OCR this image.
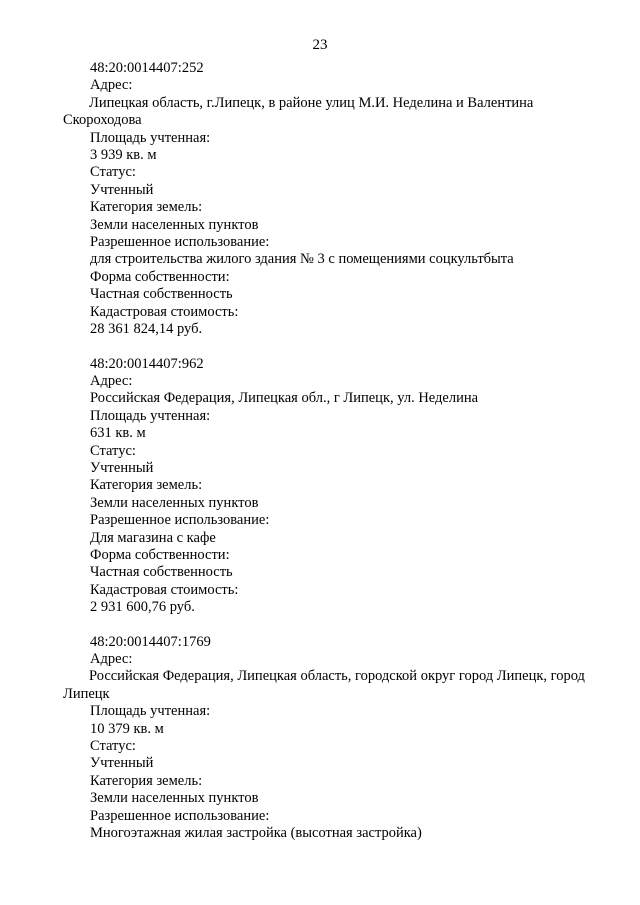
23
48:20:0014407:252
Адрес:
Липецкая область, г.Липецк, в районе улиц М.И. Неделина и Валентина
Скороходова
Площадь учтенная:
3 939 кв. м
Статус:
Учтенный
Категория земель:
Земли населенных пунктов
Разрешенное использование:
для строительства жилого здания № 3 с помещениями соцкультбыта
Форма собственности:
Частная собственность
Кадастровая стоимость:
28 361 824,14 руб.
48:20:0014407:962
Адрес:
Российская Федерация, Липецкая обл., г Липецк, ул. Неделина
Площадь учтенная:
631 кв. м
Статус:
Учтенный
Категория земель:
Земли населенных пунктов
Разрешенное использование:
Для магазина с кафе
Форма собственности:
Частная собственность
Кадастровая стоимость:
2 931 600,76 руб.
48:20:0014407:1769
Адрес:
Российская Федерация, Липецкая область, городской округ город Липецк, город
Липецк
Площадь учтенная:
10 379 кв. м
Статус:
Учтенный
Категория земель:
Земли населенных пунктов
Разрешенное использование:
Многоэтажная жилая застройка (высотная застройка)
